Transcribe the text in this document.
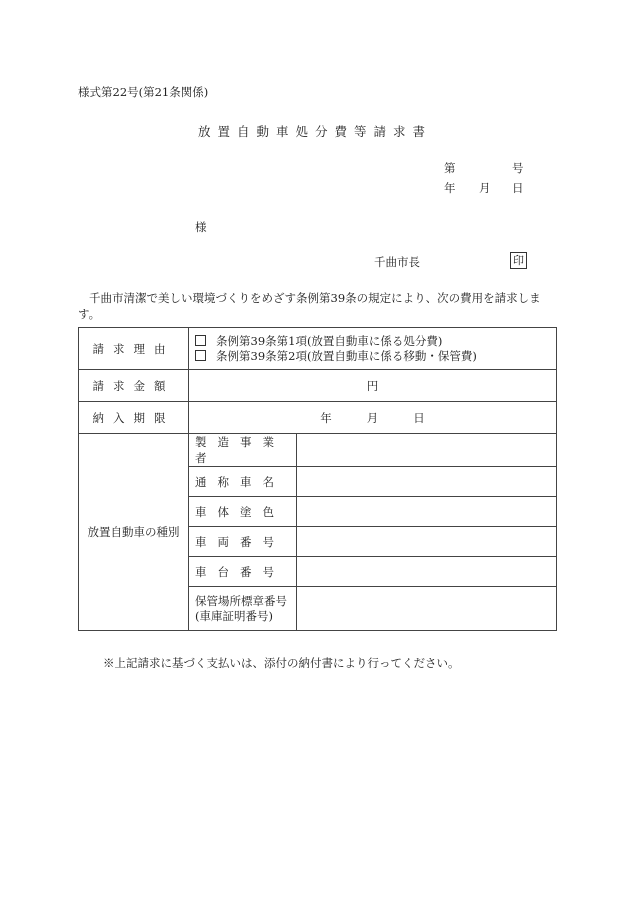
様式第22号(第21条関係)
放置自動車処分費等請求書
第	号
年 月 日
様
千曲市長	印
千曲市清潔で美しい環境づくりをめざす条例第39条の規定により、次の費用を請求します。
請求理由	条例第39条第1項(放置自動車に係る処分費)
条例第39条第2項(放置自動車に係る移動・保管費)	

請求金額	円	
納入期限	年 月 日	
放置自動車の種別	製造事業者	
	通称車名	
	車体塗色	
	車両番号	
	車台番号	

	保管場所標章番号
(車庫証明番号)	

※上記請求に基づく支払いは、添付の納付書により行ってください。
